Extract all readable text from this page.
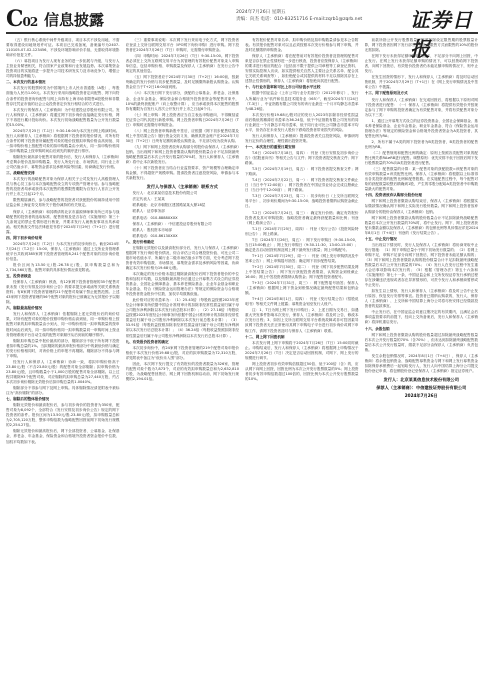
C02 信息披露	2024年7月26日 星期五
责编：向杰 电话：010-83251716 E-mail:zqrb1@zqrb.net	证券日报

（五）银行核心系统中间件升级项目，项目本次不涉及用地，不需要取得建设用地规划许可证。本项目已完成备案，备案编号为2407-110105-07-02-123456，不涉及环境影响评价手续，无需取得环境影响评价批复文件。

（六）募投项目为发行人现有业务的进一步拓展与升级，与发行人主营业务紧密相关，符合国家产业政策和行业发展趋势。本次募集资金投资项目的实施将进一步提升公司技术研发实力及市场竞争力，增强公司的持续盈利能力。

二、本次发行的基本情况

本次发行的股票种类为中国境内上市人民币普通股（A股），每股面值为人民币1.00元。本次发行采用向战略投资者定向配售、网下向符合条件的投资者询价配售与网上向持有上海市场非限售A股股份和非限售存托凭证市值的社会公众投资者定价发行相结合的方式进行。

本次发行的保荐人（主承销商）为中信建投证券股份有限公司。发行人和保荐人（主承销商）将通过网下初步询价直接确定发行价格，网下不再进行累计投标询价。本次发行初始战略配售数量为公开发行数量的15.00%。

2024年7月25日（T-1日）9:30-16:00为本次发行网上路演时间。发行人和保荐人（主承销商）将根据网下投资者的报价情况，对所有符合条件的网下投资者所属配售对象的报价按照拟申购价格由高到低、同一拟申购价格上按配售对象的拟申购数量由小到大、同一拟申购价格同一拟申购数量上按申购时间由后到先的顺序进行排序。

剔除报价最高部分配售对象的报价后，发行人和保荐人（主承销商）考虑剩余报价及拟申购数量、发行人所处行业、市场情况、同行业上市公司估值水平、募集资金需求及承销风险等因素，协商确定发行价格。

三、战略配售安排

本次发行的战略配售对象为保荐人相关子公司及发行人高级管理人员与核心员工参与本次战略配售设立的专项资产管理计划。参与战略配售的投资者均承诺获得本次配售的股票限售期限为自发行人首次公开发行并上市之日起12个月。

限售期届满后，参与战略配售的投资者对获配股份的减持适用中国证监会和上海证券交易所关于股份减持的有关规定。

保荐人（主承销商）和其聘请的北京市嘉源律师事务所已对参与战略配售的投资者的选取标准、配售资格及是否存在《实施细则》第三十九条规定的禁止性情形进行核查，并要求发行人就核查事项出具承诺函。相关核查文件及法律意见书将于2024年7月29日（T+2日）进行披露。

四、网下初步询价结果

2024年7月24日（T-2日）为本次发行的初步询价日。截至2024年7月24日（T-2日）15:00，保荐人（主承销商）通过上交所业务管理系统平台共收到385家网下投资者管理的8,241个配售对象的初步询价报价信息。

报价区间为13.50元/股-26.78元/股，拟申购数量总和为2,734,560万股。配售对象的具体报价情况请见附表。

五、投资者核查

经保荐人（主承销商）核查，有12家网下投资者管理的35个配售对象未按《发行安排及初步询价公告》的要求提交承诺函等关联关系核查资料；有8家网下投资者管理的21个配售对象属于禁止配售范围。上述43家网下投资者管理的56个配售对象的报价已被确定为无效报价予以剔除。

六、剔除最高报价情况

发行人和保荐人（主承销商）依据剔除上述无效报价后的询价结果，对所有配售对象的报价按照申购价格由高到低、同一申购价格上按配售对象的拟申购数量由小到大、同一申购价格同一拟申购数量的按申报时间由后到先、同一拟申购价格同一拟申购数量同一申购时间上按业务管理系统平台自动生成的配售对象顺序从后到前的顺序排序。

剔除拟申购总量中报价最高的部分，剔除部分不低于所有网下投资者拟申购总量的1%。当拟剔除的最高申报价格部分中的最低价格与确定的发行价格相同时，对该价格上的申报不再剔除。剔除部分不得参与网下申购。

经发行人和保荐人（主承销商）协商一致，将拟申购价格高于23.80元/股（不含23.80元/股）的配售对象全部剔除；拟申购价格为23.80元/股，且申购数量小于1,000万股的配售对象全部剔除。以上过程共剔除93个配售对象，对应剔除的拟申购总量为27,440万股，约占本次初步询价剔除无效报价后拟申购总量的1.0040%。

剔除部分不得参与网下及网上申购。具体剔除情况请见附表中被标注为“高价剔除”的部分。

七、剔除后的整体报价情况

剔除无效报价和最高报价后，参与初步询价的投资者为350家，配售对象为8,092个，全部符合《发行安排及初步询价公告》规定的网下投资者的条件。报价区间为13.50元/股-23.80元/股，拟申购数量总和为2,705,120万股，整体申购倍数为战略配售回拨前网下初始发行规模的2,254.27倍。

剔除无效报价和最高报价后，网下全部投资者、公募基金、社保基金、养老金、年金基金、保险资金和合格境外投资者资金报价中位数、加权平均数如下表。

（三）重要事项说明：本次网下发行采用电子化方式，网下投资者应登录上交所互联网交易平台（IPO网下询价申购）进行申购。网下投资者在2024年7月26日（T日）申购时，无需缴付申购资金。

（四）申购时间：2024年7月26日（T日）9:30-15:00。网下投资者必须在上交所互联网交易平台为其管理的有效报价配售对象录入申购单信息，包括申购价格、申购数量及保荐人（主承销商）在发行公告中规定的其他信息。

（五）网下投资者应于2024年7月30日（T+2日）16:00前，按最终确定的发行价格与初步配售数量，及时足额缴纳新股认购资金。认购资金应当于T+2日16:00前到账。

（六）本次发行网下发行部分，获配的公募基金、养老金、社保基金、企业年金基金、保险资金和合格境外投资者资金等配售对象中，10%的最终获配账户（向上取整计算），应当承诺获得本次配售的股票持有期限为自发行人首次公开发行并上市之日起6个月。

（七）网上申购：网上投资者应当自主表达申购意向，不得概括委托证券公司代其进行新股申购。网上投资者申购日2024年7月26日（T日）申购时无需缴付申购资金。

（八）网上投资者申购新股中签后，应根据《网下初步配售结果及网上中签结果公告》履行资金交收义务，确保其资金账户在2024年7月30日（T+2日）日终有足额的新股认购资金，不足部分视为放弃认购。

（九）网下和网上投资者放弃认购部分的股份由保荐人（主承销商）包销。当出现网下和网上投资者缴款认购的股份数量合计不足扣除最终战略配售数量后本次公开发行数量的70%时，发行人和保荐人（主承销商）将中止本次新股发行。

（十）网下投资者应当结合行业监管要求、资产规模等合理确定申购金额，不得超资产规模申购。提请投资者注意投资风险，审慎参与本次新股发行。

发行人与保荐人（主承销商）联系方式

发行人：北京某某信息技术股份有限公司

法定代表人：王某某

联系地址：北京市朝阳区建国路某某大厦18层

联系人：证券事务部

联系电话：010-8888XXXX

保荐人（主承销商）：中信建投证券股份有限公司

联系人：股权资本市场部

联系电话：010-8613XXXX

八、发行价格确定

在剔除无效报价以及最高报价部分后，发行人与保荐人（主承销商）根据网下发行询价报价情况，综合评估公司合理投资价值、可比公司二级市场估值水平、所属行业二级市场估值水平等方面，充分考虑网下投资者有效申购倍数、市场情况、募集资金需求及承销风险等因素，协商确定本次发行价格为19.68元/股。

本次确定的发行价格未超过剔除最高报价后网下投资者报价的中位数和加权平均数，以及剔除最高报价后通过公开募集方式设立的证券投资基金、全国社会保障基金、基本养老保险基金、企业年金基金和职业年金基金、符合《保险资金运用管理办法》等规定的保险资金与合格境外投资者资金报价中位数、加权平均数孰低值。

此价格对应的市盈率为：（1）25.43倍（每股收益按照2023年度经会计师事务所依据中国会计准则审计的扣除非经常性损益前归属于母公司股东净利润除以本次发行前总股本计算）；（2）27.18倍（每股收益按照2023年度经会计师事务所依据中国会计准则审计的扣除非经常性损益后归属于母公司股东净利润除以本次发行前总股本计算）；（3）33.91倍（每股收益按照扣除非经常性损益前归属于母公司股东净利润除以本次发行后总股本计算）；（4）36.24倍（每股收益按照扣除非经常性损益后归属于母公司股东净利润除以本次发行后总股本计算）。

九、有效报价投资者的确定

本次初步询价中，有24家网下投资者管理的219个配售对象申报价格低于本次发行价格19.68元/股，对应的拟申购数量为72,310万股，详见附表中备注为“低价未入围”部分。

因此，本次网下发行提交了有效报价的投资者数量为326家，管理的配售对象个数为7,873个，对应的有效拟申购数量总和为2,632,810万股，为战略配售回拨后、网上网下回拨机制启动前，网下初始发行规模的2,194.01倍。

有效报价配售对象名单、拟申购价格及拟申购数量请参见本公告附表。有效报价配售对象可以且必须按照本次发行价格参与网下申购，并及时足额缴纳申购资金。

保荐人（主承销商）将在配售前对有效报价投资者及管理的配售对象是否存在禁止性情形进一步进行核查，投资者应按保荐人（主承销商）的要求进行相应的配合（包括但不限于提供公司章程等工商登记资料、安排实际控制人访谈、如实提供相关自然人主要社会关系名单、配合其它关联关系调查等），如拒绝配合或其提供的材料不足以排除其存在上述禁止性情形的，保荐人（主承销商）将拒绝向其进行配售。

十、与行业市盈率和可比上市公司估值水平比较

根据中国证监会《上市公司行业分类指引》（2012年修订），发行人所属行业为“软件和信息技术服务业（I65）”，截至2024年7月24日（T-3日），中证指数有限公司发布的该行业最近一个月平均静态市盈率为48.26倍。

本次发行价格19.68元/股对应的发行人2023年扣除非经常性损益前后孰低的摊薄后市盈率为36.24倍，低于中证指数有限公司发布的同行业最近一个月静态平均市盈率，低于同行业可比公司静态市盈率平均水平，但仍存在未来发行人股价下跌给投资者带来损失的风险。

发行人和保荐人（主承销商）提请投资者关注投资风险，审慎研判发行定价的合理性，理性做出投资决策。

十一、本次发行的重要日期安排

T-6日（2024年7月18日，周四）：刊登《发行安排及初步询价公告》《招股意向书》等相关公告与文件；网下投资者提交核查文件；网下路演。

T-5日（2024年7月19日，周五）：网下投资者提交核查文件；网下路演。

T-4日（2024年7月22日，周一）：网下投资者提交核查文件截止日（当日中午12:00前）；网下投资者在中国证券业协会完成注册截止日（当日中午12:00前）；网下路演。

T-3日（2024年7月23日，周二）：初步询价日（上交所互联网交易平台），初步询价期间为9:30-15:00；战略投资者缴纳认购资金截止日。

T-2日（2024年7月24日，周三）：确定发行价格；确定有效报价投资者及其可申购股数；战略投资者确定最终获配数量和比例；刊登《网上路演公告》。

T-1日（2024年7月25日，周四）：刊登《发行公告》《投资风险特别公告》；网上路演。

T日（2024年7月26日，周五）：网下发行申购日（9:30-15:00，当日15:00截止）；网上发行申购日（9:30-11:30，13:00-15:00）；确定是否启动回拨机制及网上网下最终发行数量；网上申购配号。

T+1日（2024年7月29日，周一）：刊登《网上发行申购情况及中签率公告》；网上申购摇号抽签；确定网下初步配售结果。

T+2日（2024年7月30日，周二）：刊登《网下初步配售结果及网上中签结果公告》；网下发行获配投资者缴款，认购资金到账截止16:00；网上中签投资者缴纳认购资金；网下配售投资者配号。

T+3日（2024年7月31日，周三）：网下配售摇号抽签；保荐人（主承销商）根据网上网下资金到账情况确定最终配售结果和包销金额。

T+4日（2024年8月1日，周四）：刊登《发行结果公告》《招股说明书》等相关文件网上披露；募集资金划至发行人账户。

注：1、T日为网上网下发行申购日；2、上述日期为交易日，如遇重大突发事件影响本次发行，保荐人（主承销商）将及时公告，修改本次发行日程；3、如因上交所互联网交易平台系统故障或非可控因素导致网下投资者无法正常使用其网下申购电子平台进行初步询价或网下申购工作，请网下投资者及时与保荐人（主承销商）联系。

十二、网上网下回拨机制

本次发行网上网下申购将于2024年7月26日（T日）15:00同时截止。申购结束后，发行人和保荐人（主承销商）将根据网上申购情况于2024年7月26日（T日）决定是否启动回拨机制，对网下、网上发行的规模进行调节。

网上投资者初步有效申购倍数超过50倍、低于100倍（含）的，应从网下向网上回拨，回拨比例为本次公开发行股票数量的5%；网上投资者初步有效申购倍数超过100倍的，回拨比例为本次公开发行股票数量的10%。

前款所指公开发行股票数量应按照扣除设定限售期的股票数量计算，网下投资者因网下发行部分采用比例限售方式而限售的10%的股份无需扣除。

在网下发行未获得足额申购的情况下，不足部分不向网上回拨，中止发行。在网上发行未获得足额申购的情况下，可以回拨给网下投资者，向网下回拨后，有效报价投资者仍未能足额申购的情况下，则中止发行。

在发生回拨的情形下，发行人和保荐人（主承销商）将及时启动回拨机制，并于2024年7月29日（T+1日）在《网上发行申购情况及中签率公告》中披露。

十三、网下配售原则及方式

发行人和保荐人（主承销商）在完成回拨后，将根据以下原则对网下投资者进行配售：（一）保荐人（主承销商）将提供有效报价并按规定参与了网下申购的投资者确定为有效配售对象，并将有效配售对象分为以下三类：

1、通过公开募集方式设立的证券投资基金、全国社会保障基金、基本养老保险基金、企业年金基金、职业年金基金、符合《保险资金运用管理办法》等规定的保险资金和合格境外投资者资金为A类投资者，其配售比例为RA；

2、所有不属于A类的网下投资者为B类投资者，B类投资者的配售比例为RB。

（二）配售规则和配售比例的确定：原则上按照各类配售对象的配售比例关系RA≥RB进行配售。调整原则：优先安排不低于回拨后网下发行股票数量的70%向A类投资者进行配售。

（三）配售数量的计算：某一配售对象的获配股数=该配售对象的有效申购数量×该类配售比例。保荐人（主承销商）将根据以上标准得出各类投资者的配售比例和配售股数。在实施配售过程中，每个配售对象的获配数量取整后精确到1股，产生的零股分配给A类投资者中申购数量最大的配售对象。

十四、投资者放弃认购部分股份处理

网下和网上投资者缴款认购结束后，保荐人（主承销商）将根据实际缴款情况确认网下和网上实际发行股份数量。网下和网上投资者放弃认购部分的股份由保荐人（主承销商）包销。

网下和网上投资者缴款认购的股份数量合计不足扣除最终战略配售数量后本次公开发行数量的70%时，将中止发行。网下、网上投资者获配未缴款金额以及保荐人（主承销商）的包销比例等具体情况详见2024年8月1日（T+4日）刊登的《发行结果公告》。

十五、中止发行情况

当出现以下情况时，发行人及保荐人（主承销商）将协商采取中止发行措施：（1）网下申购总量小于网下初始发行数量的；（2）若网上申购不足，申购不足部分向网下回拨后，网下投资者未能足额认购的；（3）网下和网上投资者缴款认购的股份数量合计不足扣除最终战略配售数量后本次公开发行数量的70%；（4）发行人在发行过程中发生重大会后事项影响本次发行的；（5）根据《管理办法》第五十六条和《实施细则》第七十一条，中国证监会和上交所发现证券发行承销过程存在涉嫌违法违规或者存在异常情形的，可责令发行人和承销商暂停或中止发行。

如发生以上情形，发行人和保荐人（主承销商）将及时公告中止发行原因、恢复发行安排等事宜。投资者已缴纳认购款的，发行人、保荐人（主承销商）、上交所和中国结算上海分公司将尽快安排已经缴款投资者的退款事宜。

中止发行后，在中国证监会同意注册决定的有效期内，且满足会后事项监管要求的前提下，经向上交所备案后，发行人和保荐人（主承销商）将择机重启发行。

十六、余股包销

网下和网上投资者缴款认购的股份数量超过扣除最终战略配售数量后本次公开发行数量的70%（含70%），但未达到扣除最终战略配售数量后本次公开发行数量时，缴款不足部分由保荐人（主承销商）负责包销。

发生余股包销情况时，2024年8月1日（T+4日），保荐人（主承销商）将余股包销资金、战略配售募集资金与网下和网上发行募集资金扣除保荐承销费后一起划给发行人，发行人向中国结算上海分公司提交股份登记申请，将包销股份登记至保荐人（主承销商）指定证券账户。

发行人：北京某某信息技术股份有限公司

保荐人（主承销商）：中信建投证券股份有限公司

2024年7月26日
